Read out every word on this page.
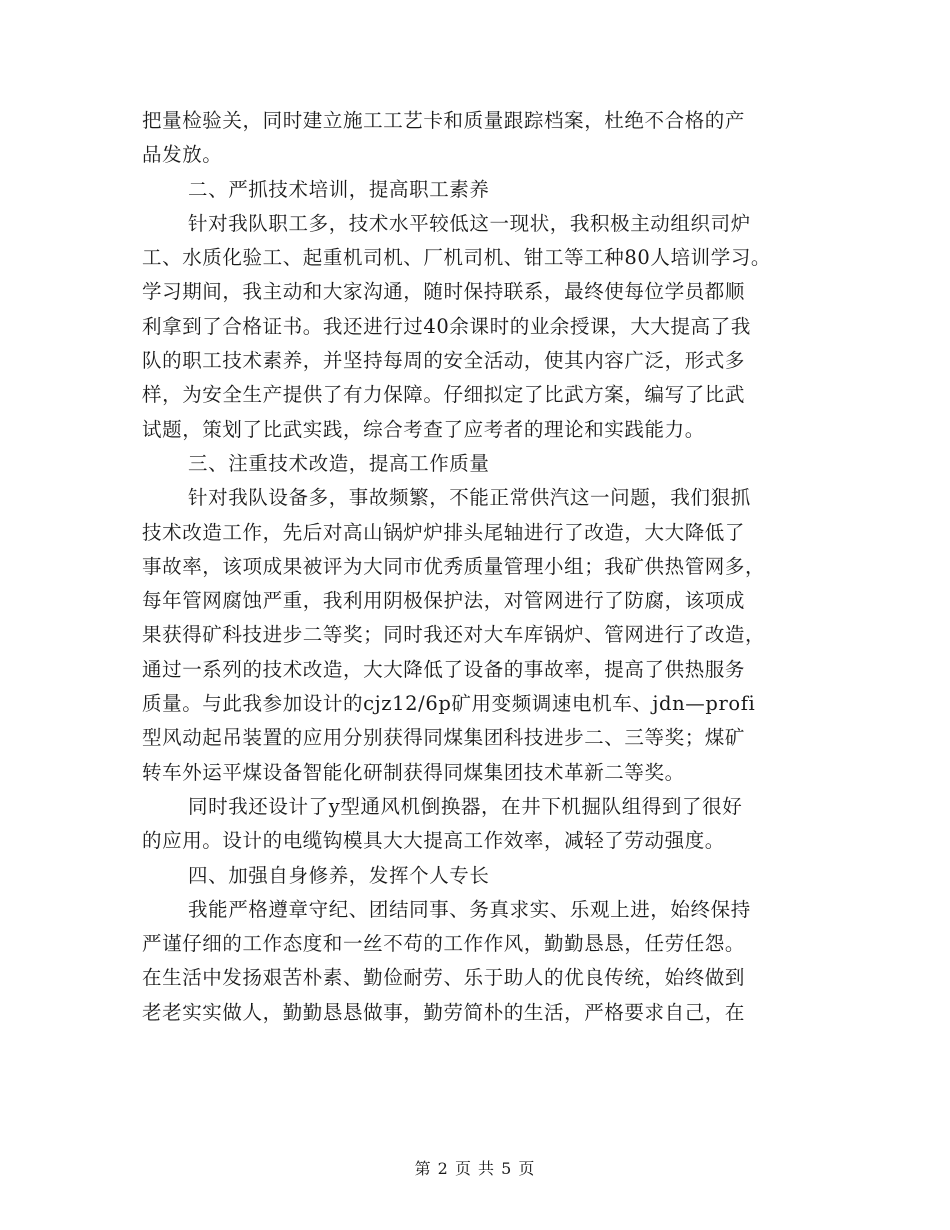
把量检验关，同时建立施工工艺卡和质量跟踪档案，杜绝不合格的产
品发放。
二、严抓技术培训，提高职工素养
针对我队职工多，技术水平较低这一现状，我积极主动组织司炉
工、水质化验工、起重机司机、厂机司机、钳工等工种80人培训学习。
学习期间，我主动和大家沟通，随时保持联系，最终使每位学员都顺
利拿到了合格证书。我还进行过40余课时的业余授课，大大提高了我
队的职工技术素养，并坚持每周的安全活动，使其内容广泛，形式多
样，为安全生产提供了有力保障。仔细拟定了比武方案，编写了比武
试题，策划了比武实践，综合考查了应考者的理论和实践能力。
三、注重技术改造，提高工作质量
针对我队设备多，事故频繁，不能正常供汽这一问题，我们狠抓
技术改造工作，先后对高山锅炉炉排头尾轴进行了改造，大大降低了
事故率，该项成果被评为大同市优秀质量管理小组；我矿供热管网多，
每年管网腐蚀严重，我利用阴极保护法，对管网进行了防腐，该项成
果获得矿科技进步二等奖；同时我还对大车库锅炉、管网进行了改造，
通过一系列的技术改造，大大降低了设备的事故率，提高了供热服务
质量。与此我参加设计的cjz12/6p矿用变频调速电机车、jdn—profi
型风动起吊装置的应用分别获得同煤集团科技进步二、三等奖；煤矿
转车外运平煤设备智能化研制获得同煤集团技术革新二等奖。
同时我还设计了y型通风机倒换器，在井下机掘队组得到了很好
的应用。设计的电缆钩模具大大提高工作效率，减轻了劳动强度。
四、加强自身修养，发挥个人专长
我能严格遵章守纪、团结同事、务真求实、乐观上进，始终保持
严谨仔细的工作态度和一丝不苟的工作作风，勤勤恳恳，任劳任怨。
在生活中发扬艰苦朴素、勤俭耐劳、乐于助人的优良传统，始终做到
老老实实做人，勤勤恳恳做事，勤劳简朴的生活，严格要求自己，在
第 2 页 共 5 页
